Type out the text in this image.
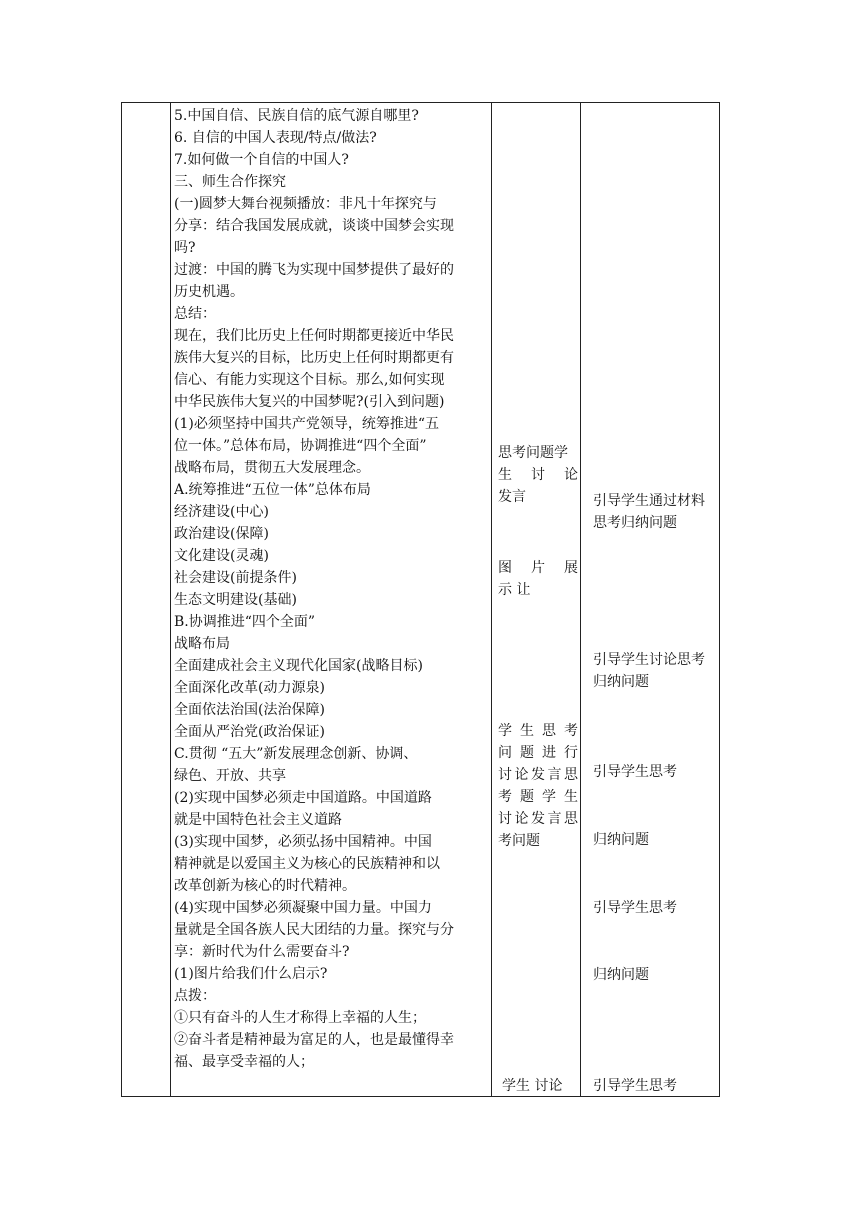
5.中国自信、民族自信的底气源自哪里?
6. 自信的中国人表现/特点/做法?
7.如何做一个自信的中国人?
三、师生合作探究
(一)圆梦大舞台视频播放：非凡十年探究与
分享：结合我国发展成就，谈谈中国梦会实现
吗?
过渡：中国的腾飞为实现中国梦提供了最好的
历史机遇。
总结：
现在，我们比历史上任何时期都更接近中华民
族伟大复兴的目标，比历史上任何时期都更有
信心、有能力实现这个目标。那么,如何实现
中华民族伟大复兴的中国梦呢?(引入到问题)
(1)必须坚持中国共产党领导，统筹推进“五
位一体。”总体布局，协调推进“四个全面”
战略布局，贯彻五大发展理念。
A.统筹推进“五位一体”总体布局
经济建设(中心)
政治建设(保障)
文化建设(灵魂)
社会建设(前提条件)
生态文明建设(基础)
B.协调推进“四个全面”
战略布局
全面建成社会主义现代化国家(战略目标)
全面深化改革(动力源泉)
全面依法治国(法治保障)
全面从严治党(政治保证)
C.贯彻 “五大”新发展理念创新、协调、
绿色、开放、共享
(2)实现中国梦必须走中国道路。中国道路
就是中国特色社会主义道路
(3)实现中国梦，必须弘扬中国精神。中国
精神就是以爱国主义为核心的民族精神和以
改革创新为核心的时代精神。
(4)实现中国梦必须凝聚中国力量。中国力
量就是全国各族人民大团结的力量。探究与分
享：新时代为什么需要奋斗?
(1)图片给我们什么启示?
点拨：
①只有奋斗的人生才称得上幸福的人生；
②奋斗者是精神最为富足的人，也是最懂得幸
福、最享受幸福的人；
思考问题学
生 讨 论
发言
图 片 展
示 让
学 生 思 考
问 题 进 行
讨论发言思
考 题 学 生
讨论发言思
考问题
学生 讨论
引导学生通过材料
思考归纳问题
引导学生讨论思考
归纳问题
引导学生思考
归纳问题
引导学生思考
归纳问题
引导学生思考
